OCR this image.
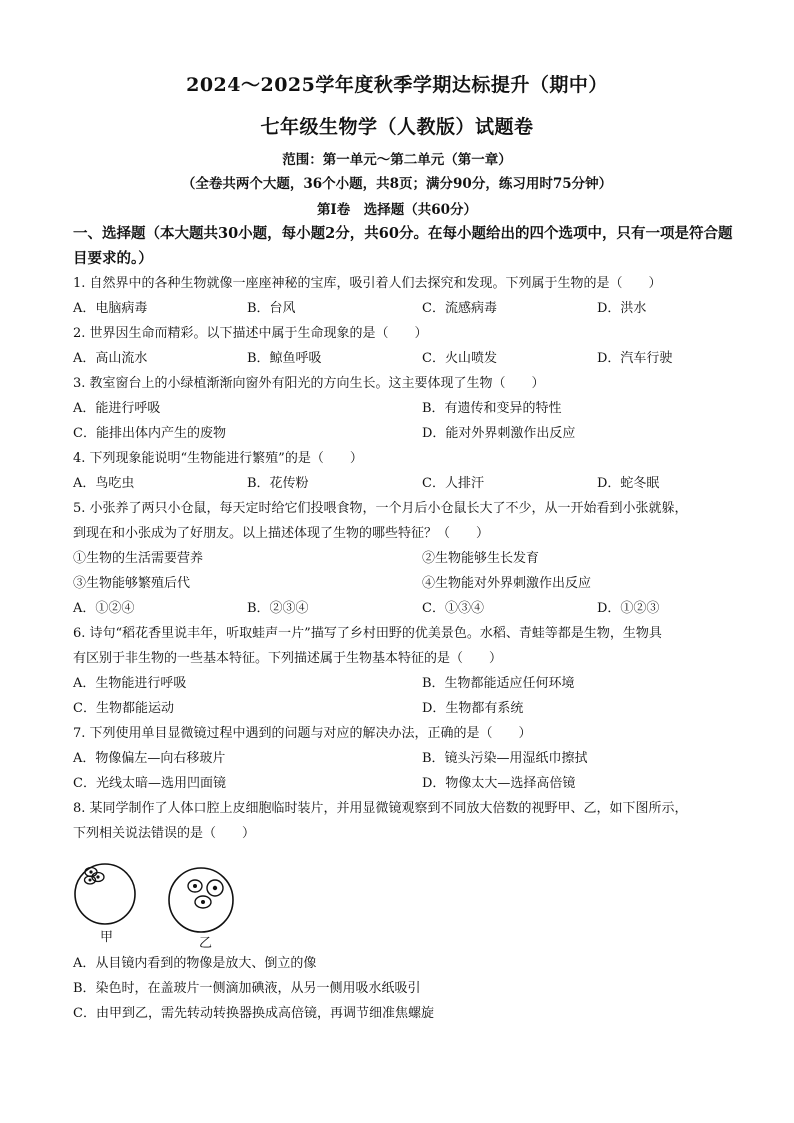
2024～2025学年度秋季学期达标提升（期中）
七年级生物学（人教版）试题卷
范围：第一单元～第二单元（第一章）
（全卷共两个大题，36个小题，共8页；满分90分，练习用时75分钟）
第Ⅰ卷　选择题（共60分）
一、选择题（本大题共30小题，每小题2分，共60分。在每小题给出的四个选项中，只有一项是符合题目要求的。）
1. 自然界中的各种生物就像一座座神秘的宝库，吸引着人们去探究和发现。下列属于生物的是（　　）
A．电脑病毒	B．台风	C．流感病毒	D．洪水
2. 世界因生命而精彩。以下描述中属于生命现象的是（　　）
A．高山流水	B．鲸鱼呼吸	C．火山喷发	D．汽车行驶
3. 教室窗台上的小绿植渐渐向窗外有阳光的方向生长。这主要体现了生物（　　）
A．能进行呼吸	B．有遗传和变异的特性
C．能排出体内产生的废物	D．能对外界刺激作出反应
4. 下列现象能说明“生物能进行繁殖”的是（　　）
A．鸟吃虫	B．花传粉	C．人排汗	D．蛇冬眠
5. 小张养了两只小仓鼠，每天定时给它们投喂食物，一个月后小仓鼠长大了不少，从一开始看到小张就躲，
到现在和小张成为了好朋友。以上描述体现了生物的哪些特征？（　　）
①生物的生活需要营养	②生物能够生长发育
③生物能够繁殖后代	④生物能对外界刺激作出反应
A．①②④	B．②③④	C．①③④	D．①②③
6. 诗句“稻花香里说丰年，听取蛙声一片”描写了乡村田野的优美景色。水稻、青蛙等都是生物，生物具
有区别于非生物的一些基本特征。下列描述属于生物基本特征的是（　　）
A．生物能进行呼吸	B．生物都能适应任何环境
C．生物都能运动	D．生物都有系统
7. 下列使用单目显微镜过程中遇到的问题与对应的解决办法，正确的是（　　）
A．物像偏左—向右移玻片	B．镜头污染—用湿纸巾擦拭
C．光线太暗—选用凹面镜	D．物像太大—选择高倍镜
8. 某同学制作了人体口腔上皮细胞临时装片，并用显微镜观察到不同放大倍数的视野甲、乙，如下图所示，
下列相关说法错误的是（　　）
甲	乙
A．从目镜内看到的物像是放大、倒立的像
B．染色时，在盖玻片一侧滴加碘液，从另一侧用吸水纸吸引
C．由甲到乙，需先转动转换器换成高倍镜，再调节细准焦螺旋
